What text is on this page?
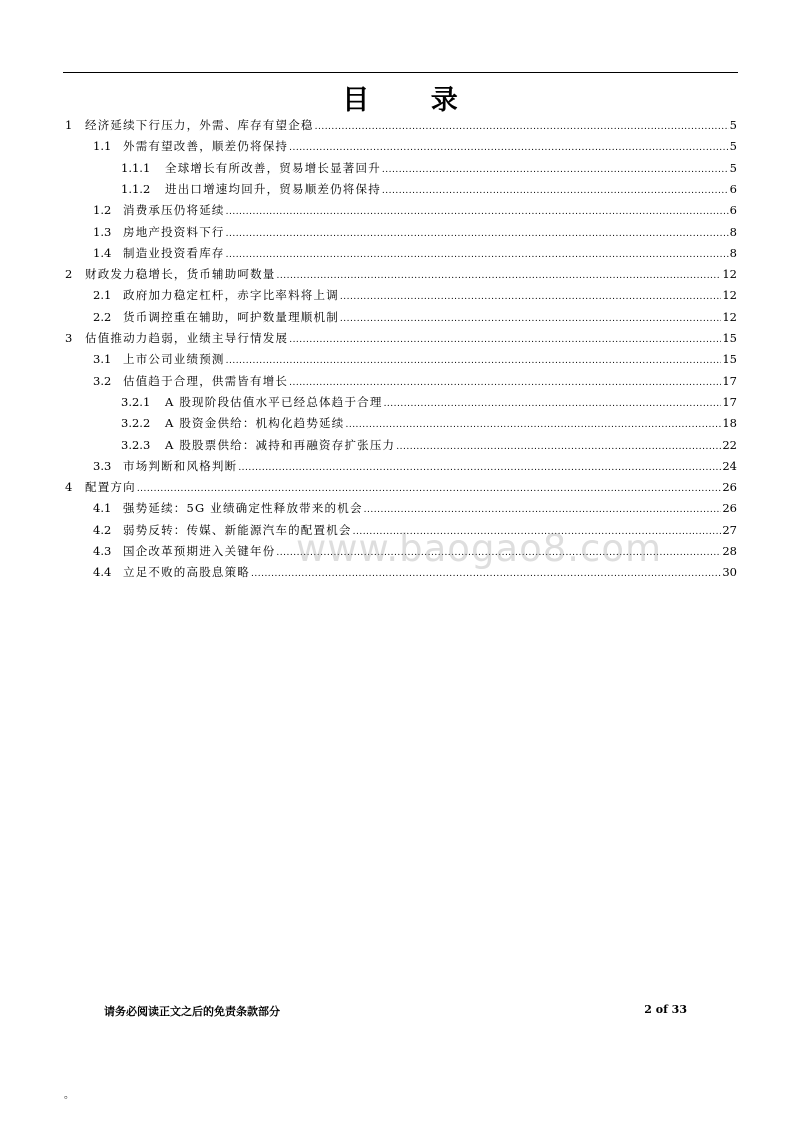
目 录
1	经济延续下行压力，外需、库存有望企稳 .....	5
1.1	外需有望改善，顺差仍将保持 .....	5
1.1.1	全球增长有所改善，贸易增长显著回升 .....	5
1.1.2	进出口增速均回升，贸易顺差仍将保持 .....	6
1.2	消费承压仍将延续 .....	6
1.3	房地产投资料下行 .....	8
1.4	制造业投资看库存 .....	8
2	财政发力稳增长，货币辅助呵数量 .....	12
2.1	政府加力稳定杠杆，赤字比率料将上调 .....	12
2.2	货币调控重在辅助，呵护数量理顺机制 .....	12
3	估值推动力趋弱，业绩主导行情发展 .....	15
3.1	上市公司业绩预测 .....	15
3.2	估值趋于合理，供需皆有增长 .....	17
3.2.1	A 股现阶段估值水平已经总体趋于合理 .....	17
3.2.2	A 股资金供给：机构化趋势延续 .....	18
3.2.3	A 股股票供给：减持和再融资存扩张压力 .....	22
3.3	市场判断和风格判断 .....	24
4	配置方向 .....	26
4.1	强势延续：5G 业绩确定性释放带来的机会 .....	26
4.2	弱势反转：传媒、新能源汽车的配置机会 .....	27
4.3	国企改革预期进入关键年份 .....	28
4.4	立足不败的高股息策略 .....	30
www.baogao8.com
请务必阅读正文之后的免责条款部分	2 of 33
。
